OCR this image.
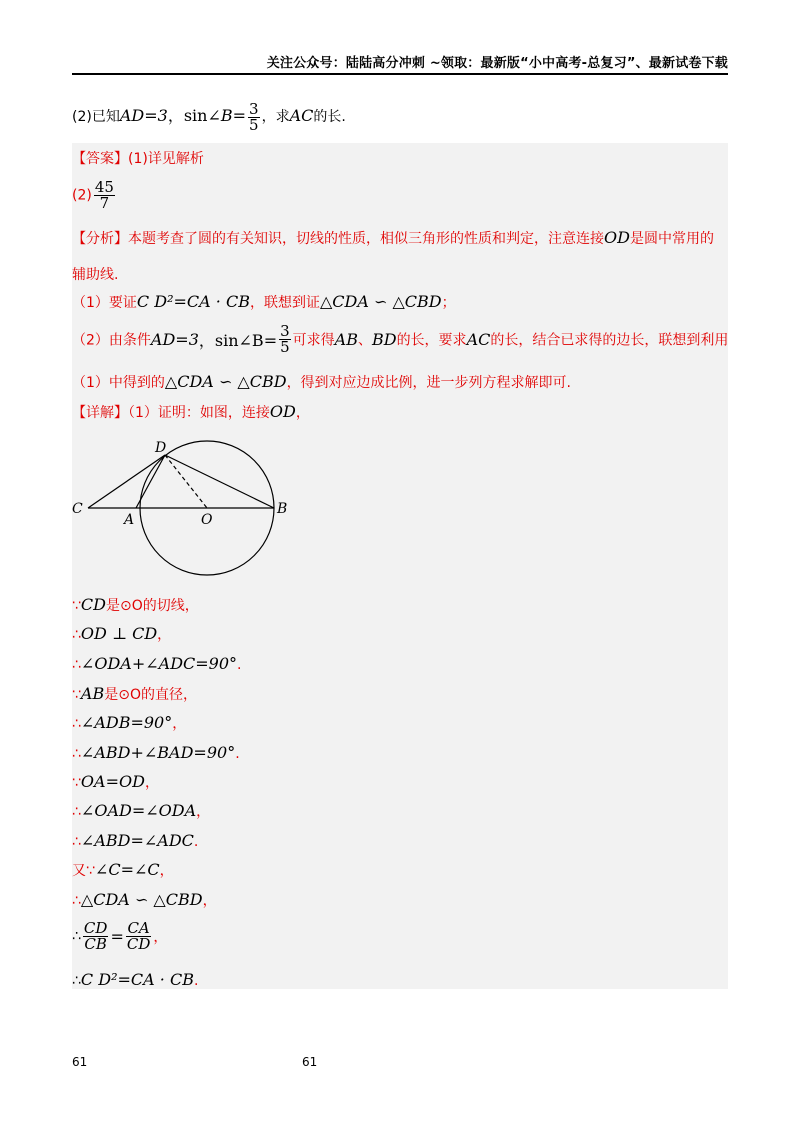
关注公众号：陆陆高分冲刺 ~领取：最新版“小中高考-总复习”、最新试卷下载
(2)已知AD=3，sin∠B= $\frac{3}{5}$ ，求AC的长.
【答案】(1)详见解析
$(2) \frac{45}{7}$
【分析】本题考查了圆的有关知识，切线的性质，相似三角形的性质和判定，注意连接OD是圆中常用的
辅助线.
（1）要证C D²=CA · CB，联想到证△CDA ∽ △CBD；
（2）由条件AD=3，sin∠B= $\frac{3}{5}$ 可求得AB、BD的长，要求AC的长，结合已求得的边长，联想到利用
（1）中得到的△CDA ∽ △CBD，得到对应边成比例，进一步列方程求解即可.
【详解】（1）证明：如图，连接OD，
C
A	O
B
D
∵CD是⊙O的切线，
∴OD ⊥ CD，
∴∠ODA+∠ADC=90°.
∵AB是⊙O的直径，
∴∠ADB=90°，
∴∠ABD+∠BAD=90°.
∵OA=OD，
∴∠OAD=∠ODA，
∴∠ABD=∠ADC.
又∵∠C=∠C，
∴△CDA ∽ △CBD，
∴ $\frac{CD}{CB} = \frac{CA}{CD}$ ，
∴C D²=CA · CB.
61	61
